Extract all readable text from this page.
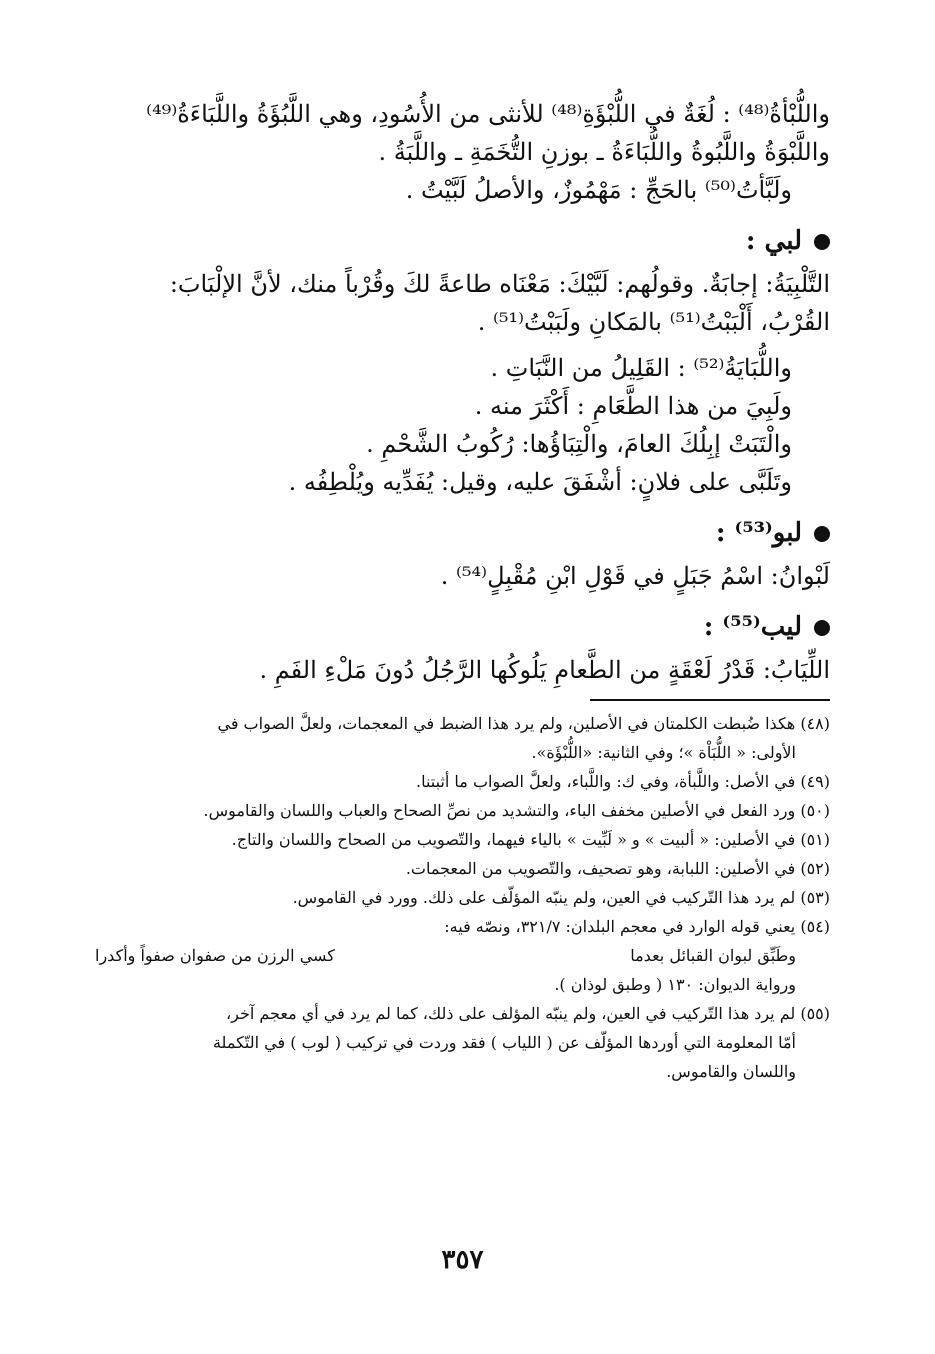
واللُّبْأةُ⁽⁴⁸⁾ : لُغَةٌ في اللُّبْؤَةِ⁽⁴⁸⁾ للأنثى من الأُسُودِ، وهي اللَّبُؤَةُ واللَّبَاءَةُ⁽⁴⁹⁾

واللَّبْوَةُ واللَّبُوةُ واللُّبَاءَةُ ـ بوزنِ التُّخَمَةِ ـ واللَّبَةُ .

ولَبَّأتُ⁽⁵⁰⁾ بالحَجِّ : مَهْمُوزٌ، والأصلُ لَبَّيْتُ .

لبي :

التَّلْبِيَةُ: إجابَةٌ. وقولُهم: لَبَّيْكَ: مَعْنَاه طاعةً لكَ وقُرْباً منك، لأنَّ الإلْبَابَ:

القُرْبُ، أَلْبَبْتُ⁽⁵¹⁾ بالمَكانِ ولَبَبْتُ⁽⁵¹⁾ .

واللُّبَايَةُ⁽⁵²⁾ : القَلِيلُ من النَّبَاتِ .

ولَبِيَ من هذا الطَّعَامِ : أَكْثَرَ منه .

والْتَبَتْ إبِلُكَ العامَ، والْتِبَاؤُها: رُكُوبُ الشَّحْمِ .

وتَلَبَّى على فلانٍ: أشْفَقَ عليه، وقيل: يُفَدِّيه ويُلْطِفُه .

لبو⁽⁵³⁾ :

لَبْوانُ: اسْمُ جَبَلٍ في قَوْلِ ابْنِ مُقْبِلٍ⁽⁵⁴⁾ .

ليب⁽⁵⁵⁾ :

اللِّيَابُ: قَدْرُ لَعْقَةٍ من الطَّعامِ يَلُوكُها الرَّجُلُ دُونَ مَلْءِ الفَمِ .

(٤٨) هكذا ضُبطت الكلمتان في الأصلين، ولم يرد هذا الضبط في المعجمات، ولعلَّ الصواب في

الأولى: « اللُّبَاْة »؛ وفي الثانية: «اللُّبْؤَة».

(٤٩) في الأصل: واللَّبأة، وفي ك: واللَّباء، ولعلَّ الصواب ما أثبتنا.

(٥٠) ورد الفعل في الأصلين مخفف الباء، والتشديد من نصِّ الصحاح والعباب واللسان والقاموس.

(٥١) في الأصلين: « ألبيت » و « لَبِّيت » بالياء فيهما، والتّصويب من الصحاح واللسان والتاج.

(٥٢) في الأصلين: اللبابة، وهو تصحيف، والتّصويب من المعجمات.

(٥٣) لم يرد هذا التّركيب في العين، ولم ينبّه المؤلّف على ذلك. وورد في القاموس.

(٥٤) يعني قوله الوارد في معجم البلدان: ٣٢١/٧، ونصّه فيه:

وطَبِّق لبوان القبائل بعدما
كسي الرزن من صفوان صفواً وأكدرا

ورواية الديوان: ١٣٠ ( وطبق لوذان ).

(٥٥) لم يرد هذا التّركيب في العين، ولم ينبّه المؤلف على ذلك، كما لم يرد في أي معجم آخر،

أمّا المعلومة التي أوردها المؤلّف عن ( اللياب ) فقد وردت في تركيب ( لوب ) في التّكملة

واللسان والقاموس.

٣٥٧
